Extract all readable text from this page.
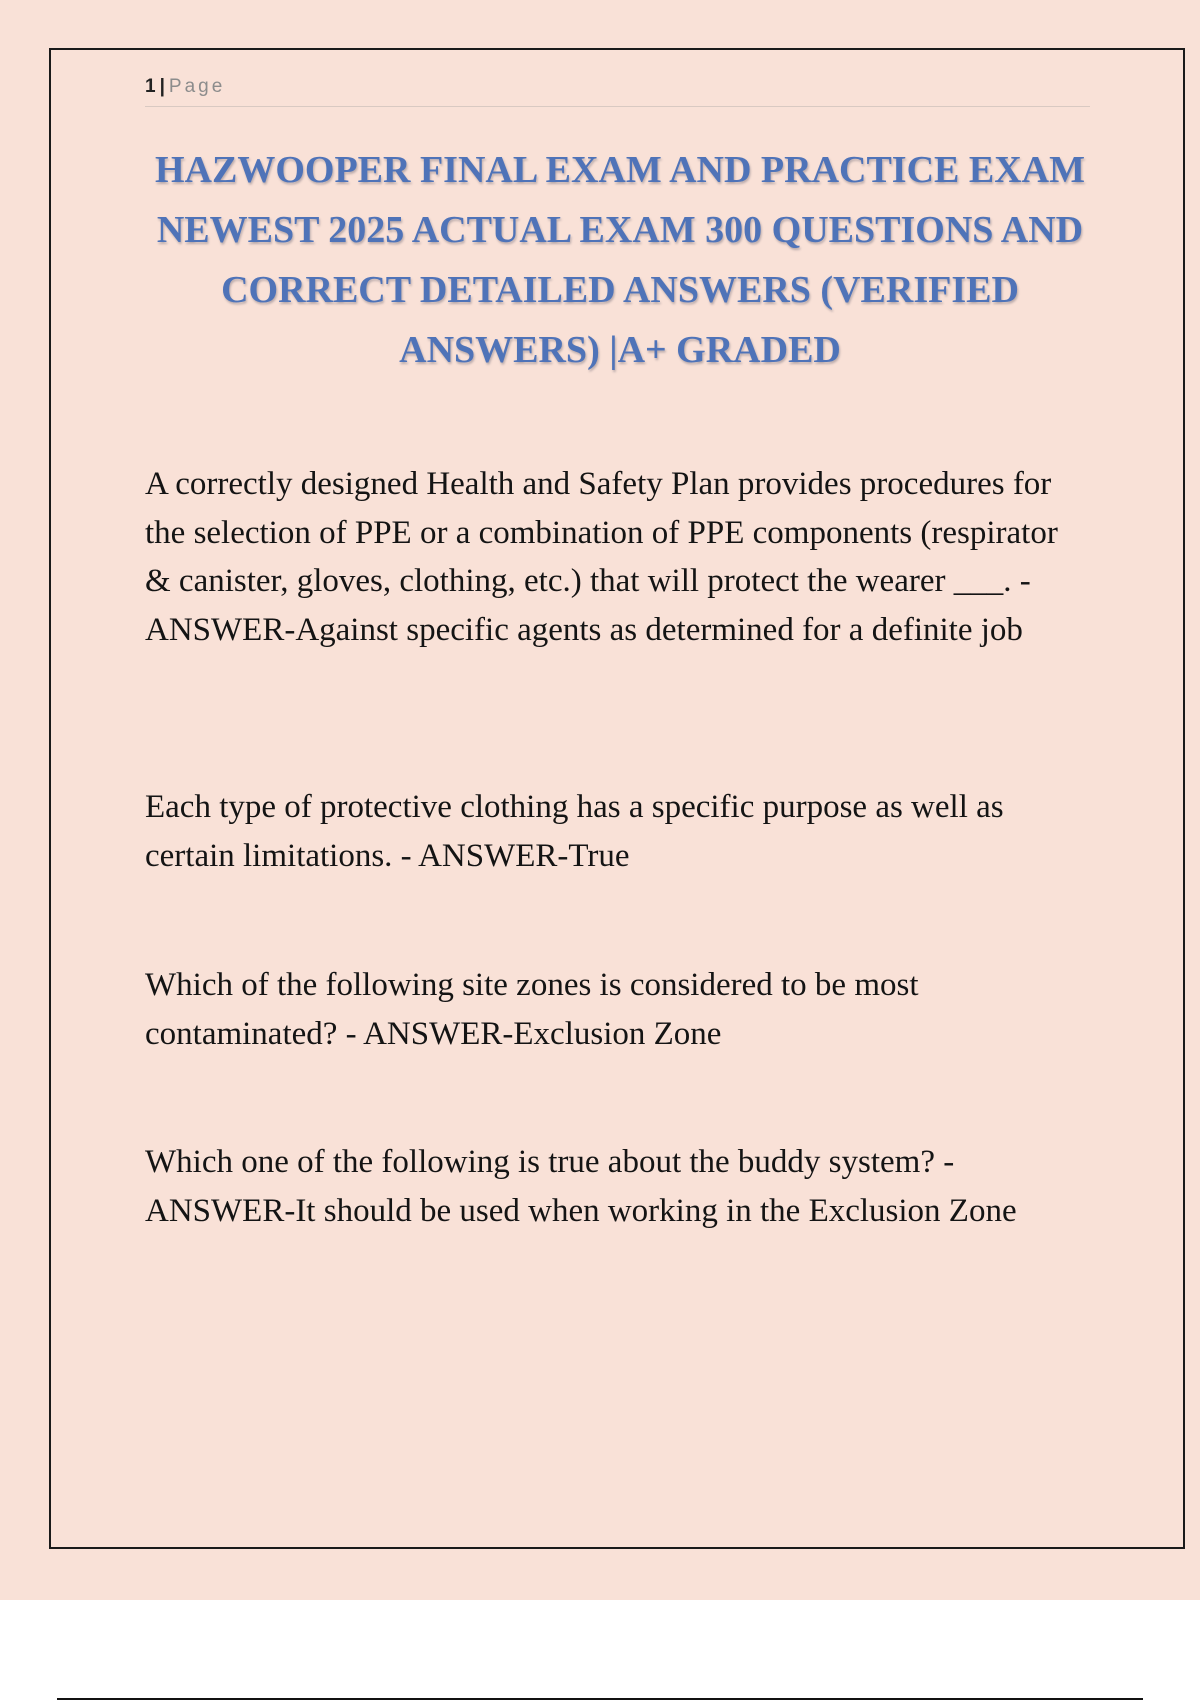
1 | Page
HAZWOOPER FINAL EXAM AND PRACTICE EXAM NEWEST 2025 ACTUAL EXAM 300 QUESTIONS AND CORRECT DETAILED ANSWERS (VERIFIED ANSWERS) |A+ GRADED

A correctly designed Health and Safety Plan provides procedures for the selection of PPE or a combination of PPE components (respirator & canister, gloves, clothing, etc.) that will protect the wearer ___. - ANSWER-Against specific agents as determined for a definite job

Each type of protective clothing has a specific purpose as well as certain limitations. - ANSWER-True

Which of the following site zones is considered to be most contaminated? - ANSWER-Exclusion Zone

Which one of the following is true about the buddy system? - ANSWER-It should be used when working in the Exclusion Zone
